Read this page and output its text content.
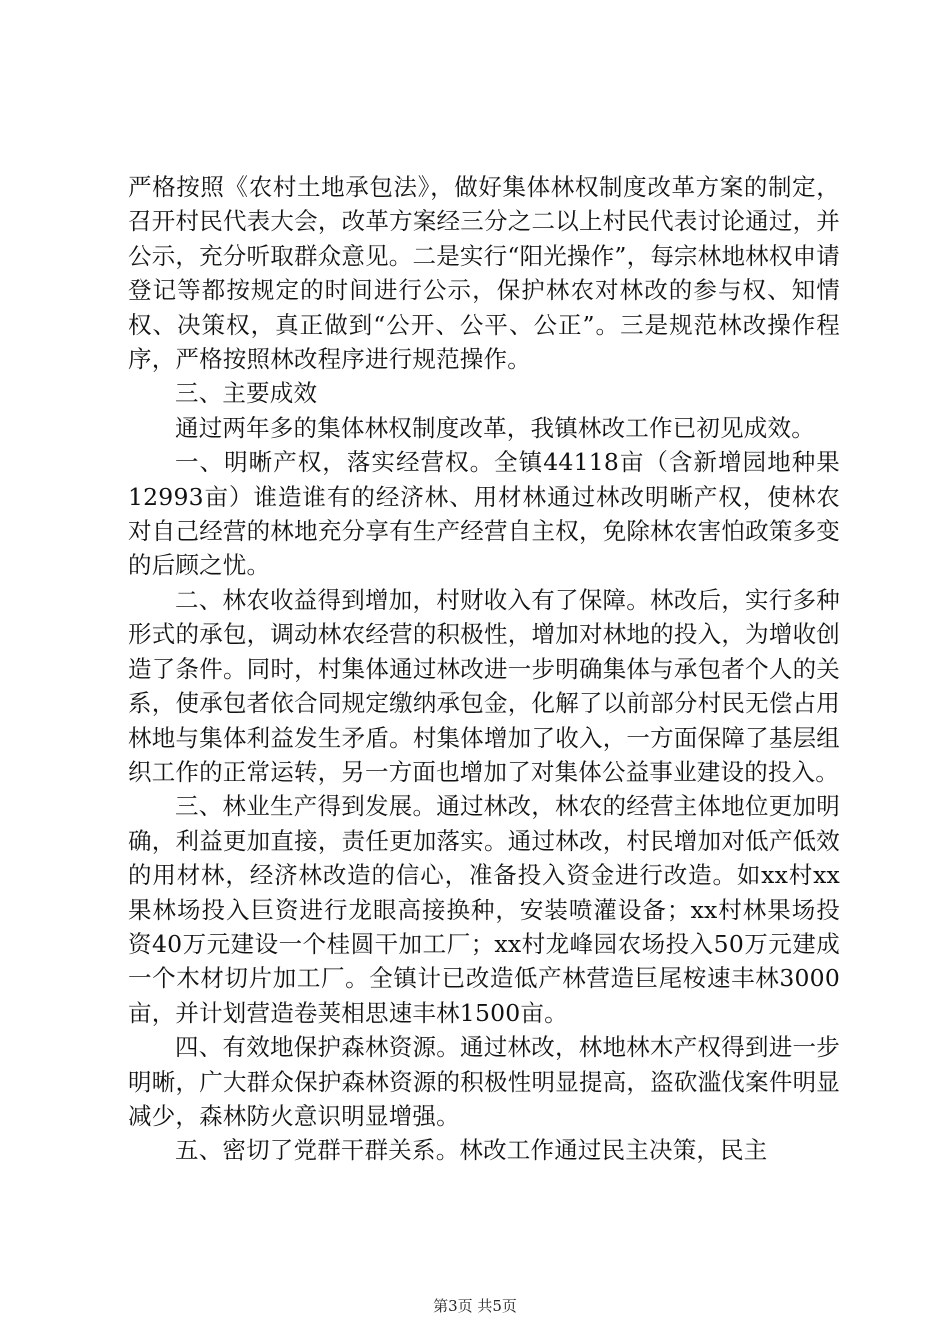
严格按照《农村土地承包法》，做好集体林权制度改革方案的制定，召开村民代表大会，改革方案经三分之二以上村民代表讨论通过，并公示，充分听取群众意见。二是实行“阳光操作”，每宗林地林权申请登记等都按规定的时间进行公示，保护林农对林改的参与权、知情权、决策权，真正做到“公开、公平、公正”。三是规范林改操作程序，严格按照林改程序进行规范操作。

三、主要成效

通过两年多的集体林权制度改革，我镇林改工作已初见成效。

一、明晰产权，落实经营权。全镇44118亩（含新增园地种果12993亩）谁造谁有的经济林、用材林通过林改明晰产权，使林农对自己经营的林地充分享有生产经营自主权，免除林农害怕政策多变的后顾之忧。

二、林农收益得到增加，村财收入有了保障。林改后，实行多种形式的承包，调动林农经营的积极性，增加对林地的投入，为增收创造了条件。同时，村集体通过林改进一步明确集体与承包者个人的关系，使承包者依合同规定缴纳承包金，化解了以前部分村民无偿占用林地与集体利益发生矛盾。村集体增加了收入，一方面保障了基层组织工作的正常运转，另一方面也增加了对集体公益事业建设的投入。

三、林业生产得到发展。通过林改，林农的经营主体地位更加明确，利益更加直接，责任更加落实。通过林改，村民增加对低产低效的用材林，经济林改造的信心，准备投入资金进行改造。如xx村xx果林场投入巨资进行龙眼高接换种，安装喷灌设备；xx村林果场投资40万元建设一个桂圆干加工厂；xx村龙峰园农场投入50万元建成一个木材切片加工厂。全镇计已改造低产林营造巨尾桉速丰林3000亩，并计划营造卷荚相思速丰林1500亩。

四、有效地保护森林资源。通过林改，林地林木产权得到进一步明晰，广大群众保护森林资源的积极性明显提高，盗砍滥伐案件明显减少，森林防火意识明显增强。

五、密切了党群干群关系。林改工作通过民主决策，民主

第3页 共5页
